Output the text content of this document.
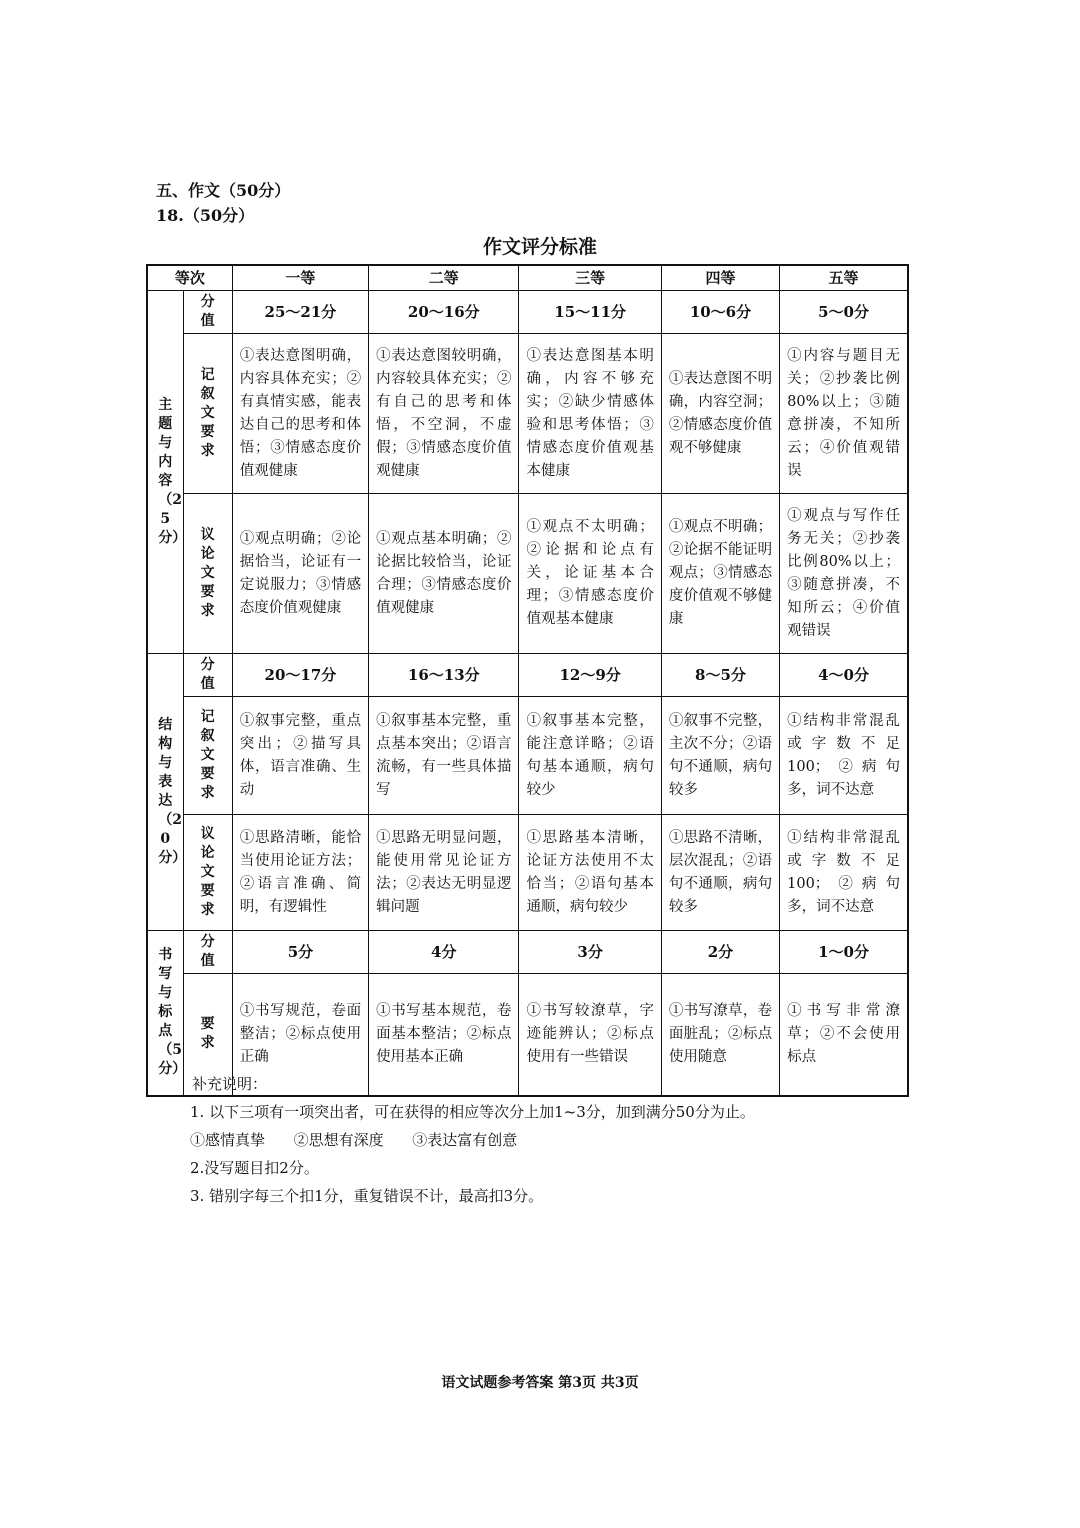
五、作文（50分）
18.（50分）
作文评分标准
等次		一等	二等	三等	四等	五等
主题与内容（25分）	分值	25～21分	20～16分	15～11分	10～6分	5～0分
	记叙文要求	①表达意图明确，内容具体充实；②有真情实感，能表达自己的思考和体悟；③情感态度价值观健康	①表达意图较明确，内容较具体充实；②有自己的思考和体悟，不空洞，不虚假；③情感态度价值观健康	①表达意图基本明确，内容不够充实；②缺少情感体验和思考体悟；③情感态度价值观基本健康	①表达意图不明确，内容空洞；②情感态度价值观不够健康	①内容与题目无关；②抄袭比例80%以上；③随意拼凑，不知所云；④价值观错误
	议论文要求	①观点明确；②论据恰当，论证有一定说服力；③情感态度价值观健康	①观点基本明确；②论据比较恰当，论证合理；③情感态度价值观健康	①观点不太明确；②论据和论点有关，论证基本合理；③情感态度价值观基本健康	①观点不明确；②论据不能证明观点；③情感态度价值观不够健康	①观点与写作任务无关；②抄袭比例80%以上；③随意拼凑，不知所云；④价值观错误
结构与表达（20分）	分值	20～17分	16～13分	12～9分	8～5分	4～0分
	记叙文要求	①叙事完整，重点突出；②描写具体，语言准确、生动	①叙事基本完整，重点基本突出；②语言流畅，有一些具体描写	①叙事基本完整，能注意详略；②语句基本通顺，病句较少	①叙事不完整，主次不分；②语句不通顺，病句较多	①结构非常混乱或字数不足100；②病句多，词不达意
	议论文要求	①思路清晰，能恰当使用论证方法；②语言准确、简明，有逻辑性	①思路无明显问题，能使用常见论证方法；②表达无明显逻辑问题	①思路基本清晰，论证方法使用不太恰当；②语句基本通顺，病句较少	①思路不清晰，层次混乱；②语句不通顺，病句较多	①结构非常混乱或字数不足100；②病句多，词不达意
书写与标点（5分）	分值	5分	4分	3分	2分	1～0分
	要求	①书写规范，卷面整洁；②标点使用正确	①书写基本规范，卷面基本整洁；②标点使用基本正确	①书写较潦草，字迹能辨认；②标点使用有一些错误	①书写潦草，卷面脏乱；②标点使用随意	①书写非常潦草；②不会使用标点
补充说明：
1. 以下三项有一项突出者，可在获得的相应等次分上加1~3分，加到满分50分为止。
①感情真挚      ②思想有深度      ③表达富有创意
2.没写题目扣2分。
3. 错别字每三个扣1分，重复错误不计，最高扣3分。
语文试题参考答案 第3页 共3页
